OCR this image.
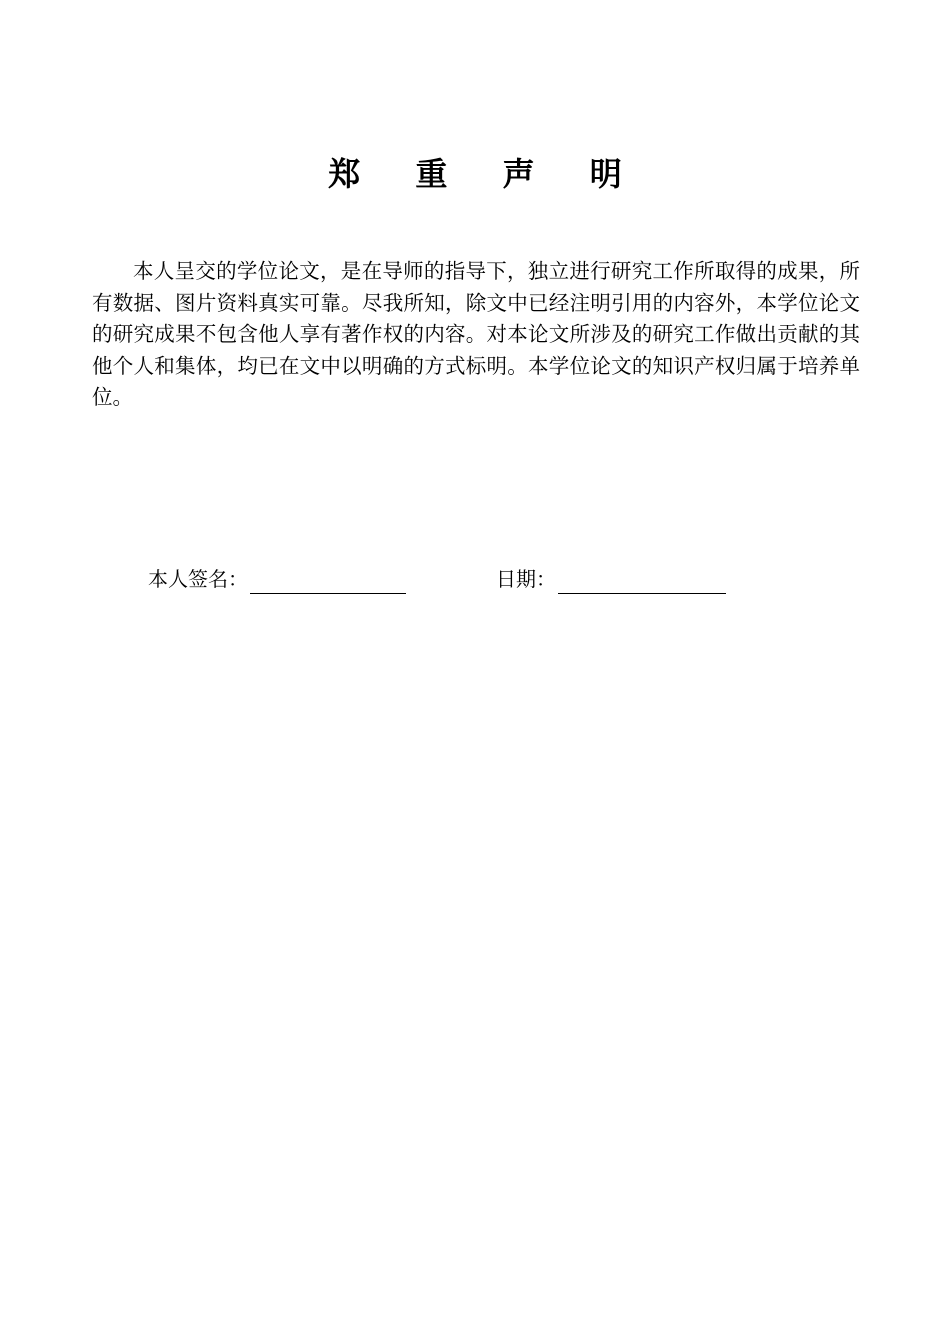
郑 重 声 明

本人呈交的学位论文，是在导师的指导下，独立进行研究工作所取得的成果，所有数据、图片资料真实可靠。尽我所知，除文中已经注明引用的内容外，本学位论文的研究成果不包含他人享有著作权的内容。对本论文所涉及的研究工作做出贡献的其他个人和集体，均已在文中以明确的方式标明。本学位论文的知识产权归属于培养单位。

本人签名：	日期：
